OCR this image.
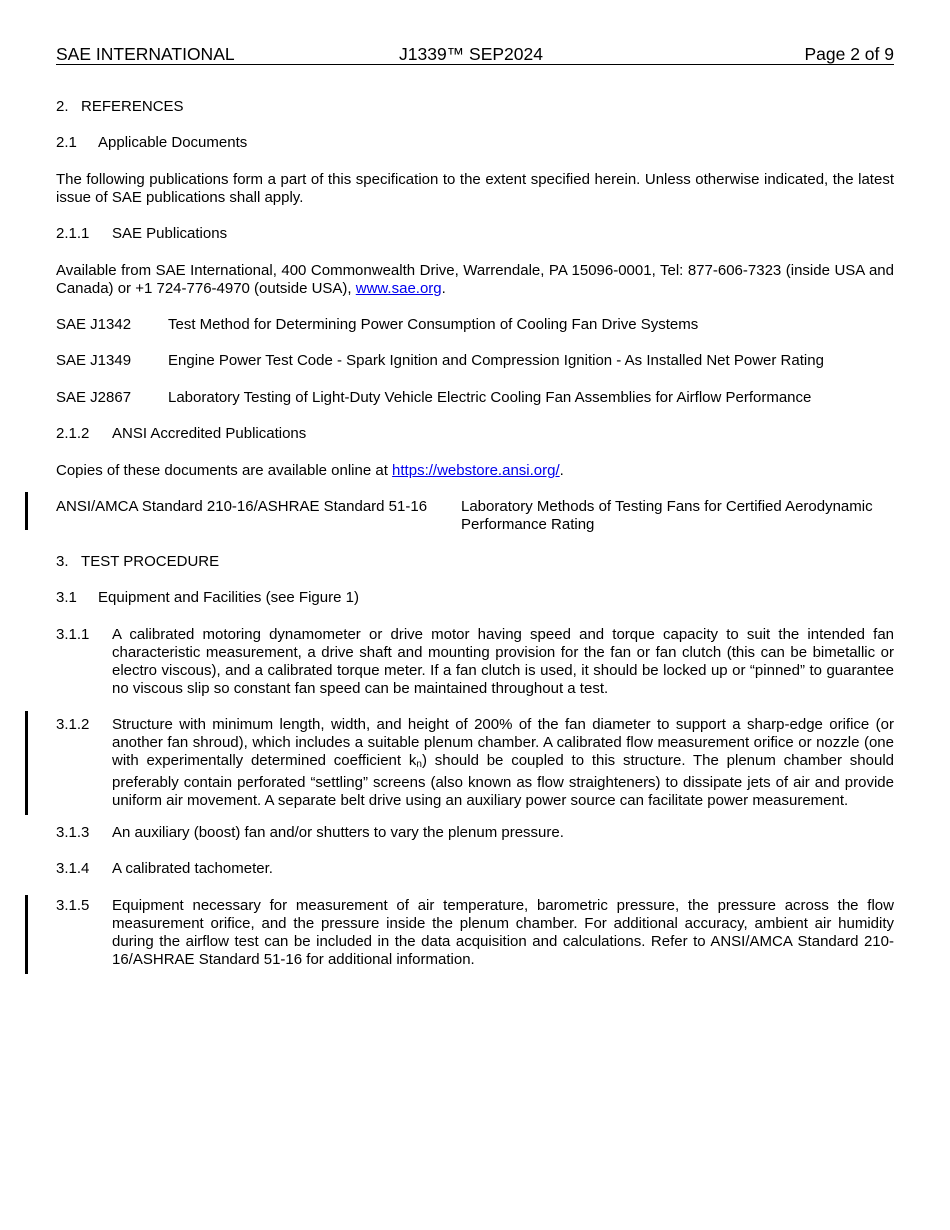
SAE INTERNATIONAL	J1339™ SEP2024	Page 2 of 9
2. REFERENCES
2.1 Applicable Documents
The following publications form a part of this specification to the extent specified herein. Unless otherwise indicated, the latest issue of SAE publications shall apply.
2.1.1 SAE Publications
Available from SAE International, 400 Commonwealth Drive, Warrendale, PA 15096-0001, Tel: 877-606-7323 (inside USA and Canada) or +1 724-776-4970 (outside USA), www.sae.org.
SAE J1342 Test Method for Determining Power Consumption of Cooling Fan Drive Systems
SAE J1349 Engine Power Test Code - Spark Ignition and Compression Ignition - As Installed Net Power Rating
SAE J2867 Laboratory Testing of Light-Duty Vehicle Electric Cooling Fan Assemblies for Airflow Performance
2.1.2 ANSI Accredited Publications
Copies of these documents are available online at https://webstore.ansi.org/.
ANSI/AMCA Standard 210-16/ASHRAE Standard 51-16 Laboratory Methods of Testing Fans for Certified Aerodynamic Performance Rating
3. TEST PROCEDURE
3.1 Equipment and Facilities (see Figure 1)
3.1.1 A calibrated motoring dynamometer or drive motor having speed and torque capacity to suit the intended fan characteristic measurement, a drive shaft and mounting provision for the fan or fan clutch (this can be bimetallic or electro viscous), and a calibrated torque meter. If a fan clutch is used, it should be locked up or “pinned” to guarantee no viscous slip so constant fan speed can be maintained throughout a test.
3.1.2 Structure with minimum length, width, and height of 200% of the fan diameter to support a sharp-edge orifice (or another fan shroud), which includes a suitable plenum chamber. A calibrated flow measurement orifice or nozzle (one with experimentally determined coefficient $k_n$) should be coupled to this structure. The plenum chamber should preferably contain perforated “settling” screens (also known as flow straighteners) to dissipate jets of air and provide uniform air movement. A separate belt drive using an auxiliary power source can facilitate power measurement.
3.1.3 An auxiliary (boost) fan and/or shutters to vary the plenum pressure.
3.1.4 A calibrated tachometer.
3.1.5 Equipment necessary for measurement of air temperature, barometric pressure, the pressure across the flow measurement orifice, and the pressure inside the plenum chamber. For additional accuracy, ambient air humidity during the airflow test can be included in the data acquisition and calculations. Refer to ANSI/AMCA Standard 210-16/ASHRAE Standard 51-16 for additional information.
